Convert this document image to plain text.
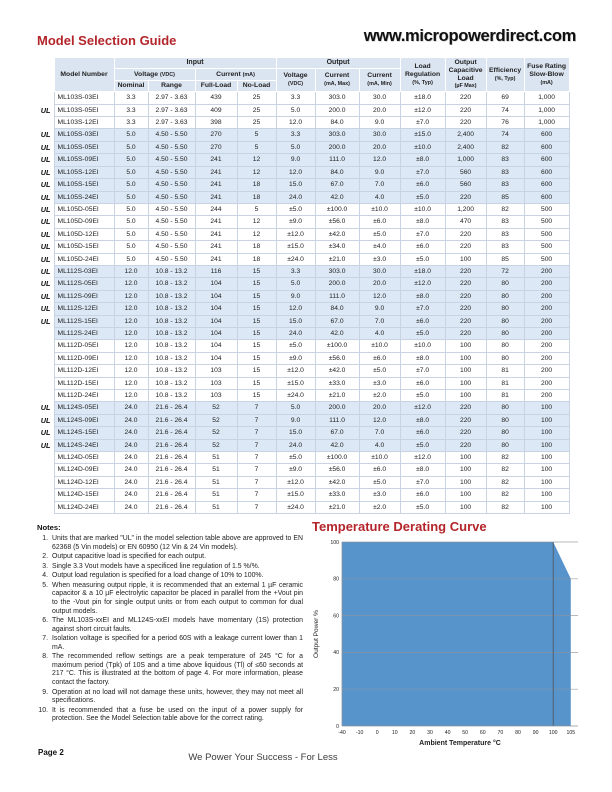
Model Selection Guide	www.micropowerdirect.com
	Model Number	Input				Output			Load Regulation
(%, Typ)	Output Capacitive Load
(µF Max)	Efficiency
(%, Typ)	Fuse Rating Slow-Blow
(mA)
		Voltage (VDC)		Current (mA)		Voltage
(VDC)	Current
(mA, Max)	Current
(mA, Min)				
		Nominal	Range	Full-Load	No-Load							
	ML103S-03EI	3.3	2.97 - 3.63	439	25	3.3	303.0	30.0	±18.0	220	69	1,000
UL	ML103S-05EI	3.3	2.97 - 3.63	409	25	5.0	200.0	20.0	±12.0	220	74	1,000
	ML103S-12EI	3.3	2.97 - 3.63	398	25	12.0	84.0	9.0	±7.0	220	76	1,000
UL	ML105S-03EI	5.0	4.50 - 5.50	270	5	3.3	303.0	30.0	±15.0	2,400	74	600
UL	ML105S-05EI	5.0	4.50 - 5.50	270	5	5.0	200.0	20.0	±10.0	2,400	82	600
UL	ML105S-09EI	5.0	4.50 - 5.50	241	12	9.0	111.0	12.0	±8.0	1,000	83	600
UL	ML105S-12EI	5.0	4.50 - 5.50	241	12	12.0	84.0	9.0	±7.0	560	83	600
UL	ML105S-15EI	5.0	4.50 - 5.50	241	18	15.0	67.0	7.0	±6.0	560	83	600
UL	ML105S-24EI	5.0	4.50 - 5.50	241	18	24.0	42.0	4.0	±5.0	220	85	600
UL	ML105D-05EI	5.0	4.50 - 5.50	244	5	±5.0	±100.0	±10.0	±10.0	1,200	82	500
UL	ML105D-09EI	5.0	4.50 - 5.50	241	12	±9.0	±56.0	±6.0	±8.0	470	83	500
UL	ML105D-12EI	5.0	4.50 - 5.50	241	12	±12.0	±42.0	±5.0	±7.0	220	83	500
UL	ML105D-15EI	5.0	4.50 - 5.50	241	18	±15.0	±34.0	±4.0	±6.0	220	83	500
UL	ML105D-24EI	5.0	4.50 - 5.50	241	18	±24.0	±21.0	±3.0	±5.0	100	85	500
UL	ML112S-03EI	12.0	10.8 - 13.2	116	15	3.3	303.0	30.0	±18.0	220	72	200
UL	ML112S-05EI	12.0	10.8 - 13.2	104	15	5.0	200.0	20.0	±12.0	220	80	200
UL	ML112S-09EI	12.0	10.8 - 13.2	104	15	9.0	111.0	12.0	±8.0	220	80	200
UL	ML112S-12EI	12.0	10.8 - 13.2	104	15	12.0	84.0	9.0	±7.0	220	80	200
UL	ML112S-15EI	12.0	10.8 - 13.2	104	15	15.0	67.0	7.0	±6.0	220	80	200
	ML112S-24EI	12.0	10.8 - 13.2	104	15	24.0	42.0	4.0	±5.0	220	80	200
	ML112D-05EI	12.0	10.8 - 13.2	104	15	±5.0	±100.0	±10.0	±10.0	100	80	200
	ML112D-09EI	12.0	10.8 - 13.2	104	15	±9.0	±56.0	±6.0	±8.0	100	80	200
	ML112D-12EI	12.0	10.8 - 13.2	103	15	±12.0	±42.0	±5.0	±7.0	100	81	200
	ML112D-15EI	12.0	10.8 - 13.2	103	15	±15.0	±33.0	±3.0	±6.0	100	81	200
	ML112D-24EI	12.0	10.8 - 13.2	103	15	±24.0	±21.0	±2.0	±5.0	100	81	200
UL	ML124S-05EI	24.0	21.6 - 26.4	52	7	5.0	200.0	20.0	±12.0	220	80	100
UL	ML124S-09EI	24.0	21.6 - 26.4	52	7	9.0	111.0	12.0	±8.0	220	80	100
UL	ML124S-15EI	24.0	21.6 - 26.4	52	7	15.0	67.0	7.0	±6.0	220	80	100
UL	ML124S-24EI	24.0	21.6 - 26.4	52	7	24.0	42.0	4.0	±5.0	220	80	100
	ML124D-05EI	24.0	21.6 - 26.4	51	7	±5.0	±100.0	±10.0	±12.0	100	82	100
	ML124D-09EI	24.0	21.6 - 26.4	51	7	±9.0	±56.0	±6.0	±8.0	100	82	100
	ML124D-12EI	24.0	21.6 - 26.4	51	7	±12.0	±42.0	±5.0	±7.0	100	82	100
	ML124D-15EI	24.0	21.6 - 26.4	51	7	±15.0	±33.0	±3.0	±6.0	100	82	100
	ML124D-24EI	24.0	21.6 - 26.4	51	7	±24.0	±21.0	±2.0	±5.0	100	82	100
Notes:
1. Units that are marked "UL" in the model selection table above are approved to EN 62368 (5 Vin models) or EN 60950 (12 Vin & 24 Vin models).
2. Output capacitive load is specified for each output.
3. Single 3.3 Vout models have a specificed line regulation of 1.5 %/%.
4. Output load regulation is specified for a load change of 10% to 100%.
5. When measuring output ripple, it is recommended that an external 1 µF ceramic capacitor & a 10 µF electrolytic capacitor be placed in parallel from the +Vout pin to the -Vout pin for single output units or from each output to common for dual output models.
6. The ML103S-xxEI and ML124S-xxEI models have momentary (1S) protection against short circuit faults.
7. Isolation voltage is specified for a period 60S with a leakage current lower than 1 mA.
8. The recommended reflow settings are a peak temperature of 245 °C for a maximum period (Tpk) of 10S and a time above liquidous (Tl) of ≤60 seconds at 217 °C. This is illustrated at the bottom of page 4. For more information, please contact the factory.
9. Operation at no load will not damage these units, however, they may not meet all specifications.
10. It is recommended that a fuse be used on the input of a power supply for protection. See the Model Selection table above for the correct rating.
Temperature Derating Curve
0
20
40
60
80
100
-40 -10 0	10 20 30 40 50 60 70 80 90 100 105
Output Power %
Ambient Temperature °C
Page 2	We Power Your Success - For Less
